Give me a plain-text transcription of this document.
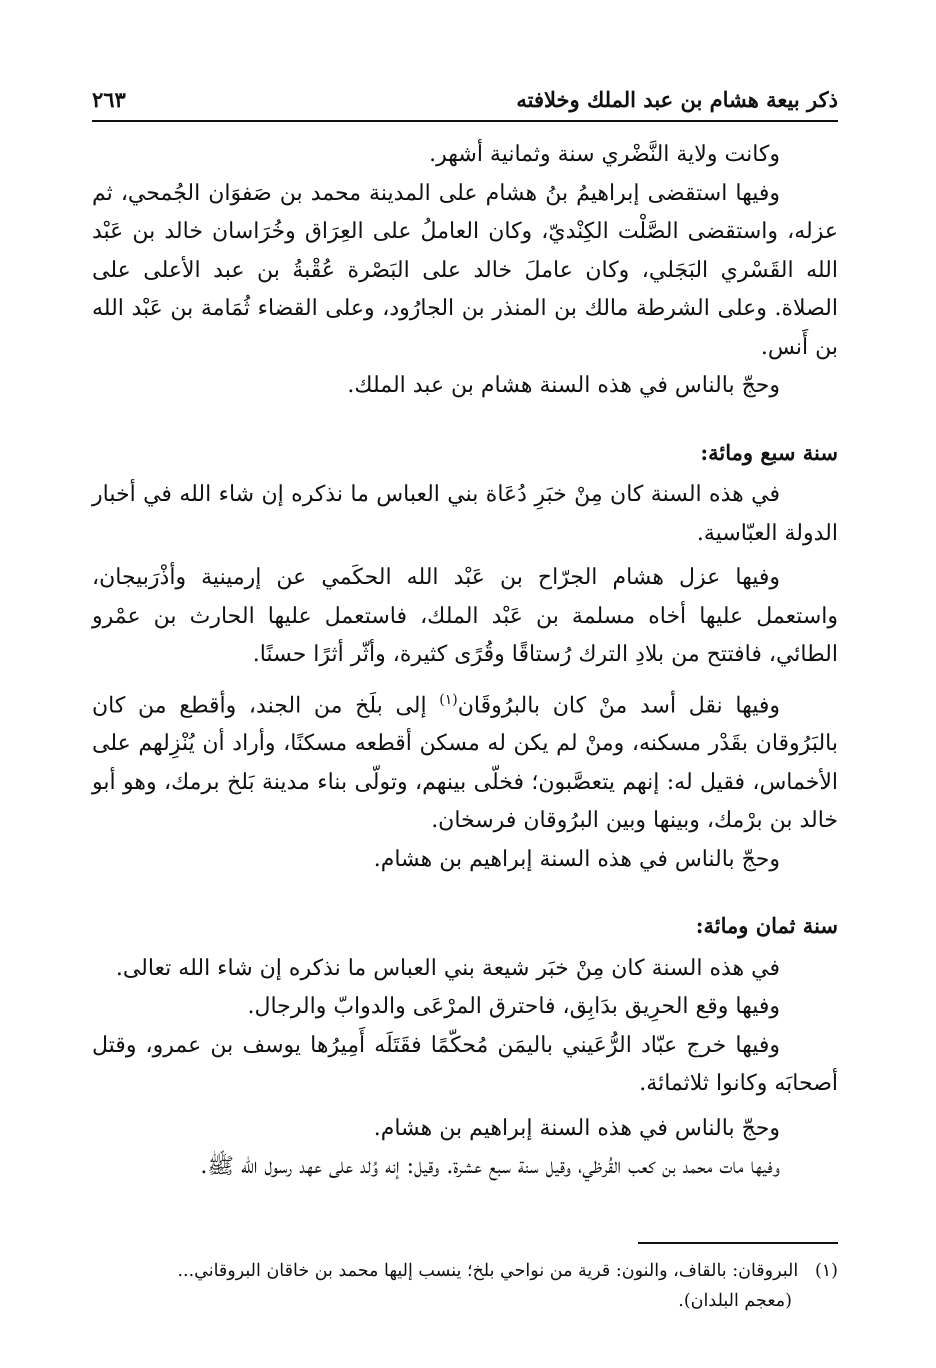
ذكر بيعة هشام بن عبد الملك وخلافته
٢٦٣

وكانت ولاية النَّضْري سنة وثمانية أشهر.

وفيها استقضى إبراهيمُ بنُ هشام على المدينة محمد بن صَفوَان الجُمحي، ثم عزله، واستقضى الصَّلْت الكِنْديّ، وكان العاملُ على العِرَاق وخُرَاسان خالد بن عَبْد الله القَسْري البَجَلي، وكان عاملَ خالد على البَصْرة عُقْبةُ بن عبد الأعلى على الصلاة. وعلى الشرطة مالك بن المنذر بن الجارُود، وعلى القضاء ثُمَامة بن عَبْد الله بن أَنس.

وحجّ بالناس في هذه السنة هشام بن عبد الملك.

سنة سبع ومائة:

في هذه السنة كان مِنْ خبَرِ دُعَاة بني العباس ما نذكره إن شاء الله في أخبار الدولة العبّاسية.

وفيها عزل هشام الجرّاح بن عَبْد الله الحكَمي عن إرمينية وأذْرَبيجان، واستعمل عليها أخاه مسلمة بن عَبْد الملك، فاستعمل عليها الحارث بن عمْرو الطائي، فافتتح من بلادِ الترك رُستاقًا وقُرًى كثيرة، وأثّر أثرًا حسنًا.

وفيها نقل أسد منْ كان بالبرُوقَان$^{(١)}$ إلى بلَخ من الجند، وأقطع من كان بالبَرُوقان بقَدْر مسكنه، ومنْ لم يكن له مسكن أقطعه مسكنًا، وأراد أن يُنْزِلهم على الأخماس، فقيل له: إنهم يتعصَّبون؛ فخلّى بينهم، وتولّى بناء مدينة بَلخ برمك، وهو أبو خالد بن برْمك، وبينها وبين البرُوقان فرسخان.

وحجّ بالناس في هذه السنة إبراهيم بن هشام.

سنة ثمان ومائة:

في هذه السنة كان مِنْ خبَر شيعة بني العباس ما نذكره إن شاء الله تعالى.

وفيها وقع الحرِيق بدَابِق، فاحترق المرْعَى والدوابّ والرجال.

وفيها خرج عبّاد الرُّعَيني باليمَن مُحكّمًا فقَتَلَه أَمِيرُها يوسف بن عمرو، وقتل أصحابَه وكانوا ثلاثمائة.

وحجّ بالناس في هذه السنة إبراهيم بن هشام.

وفيها مات محمد بن كعب القُرظي، وقيل سنة سبع عشرة. وقيل: إنه وُلد على عهد رسول الله ﷺ.

(١)   البروقان: بالقاف، والنون: قرية من نواحي بلخ؛ ينسب إليها محمد بن خاقان البروقاني...

(معجم البلدان).
